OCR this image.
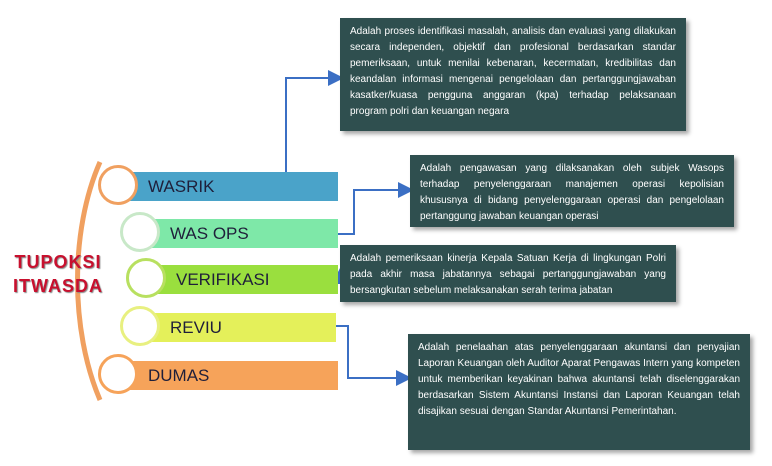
TUPOKSI
ITWASDA
WASRIK
WAS OPS
VERIFIKASI
REVIU
DUMAS
Adalah proses identifikasi masalah, analisis dan evaluasi yang dilakukan secara independen, objektif dan profesional berdasarkan standar pemeriksaan, untuk menilai kebenaran, kecermatan, kredibilitas dan keandalan informasi mengenai pengelolaan dan pertanggungjawaban kasatker/kuasa pengguna anggaran (kpa) terhadap pelaksanaan program polri dan keuangan negara
Adalah pengawasan yang dilaksanakan oleh subjek Wasops terhadap penyelenggaraan manajemen operasi kepolisian khususnya di bidang penyelenggaraan operasi dan pengelolaan pertanggung jawaban keuangan operasi
Adalah pemeriksaan kinerja Kepala Satuan Kerja di lingkungan Polri pada akhir masa jabatannya sebagai pertanggungjawaban yang bersangkutan sebelum melaksanakan serah terima jabatan
Adalah penelaahan atas penyelenggaraan akuntansi dan penyajian Laporan Keuangan oleh Auditor Aparat Pengawas Intern yang kompeten untuk memberikan keyakinan bahwa akuntansi telah diselenggarakan berdasarkan Sistem Akuntansi Instansi dan Laporan Keuangan telah disajikan sesuai dengan Standar Akuntansi Pemerintahan.
